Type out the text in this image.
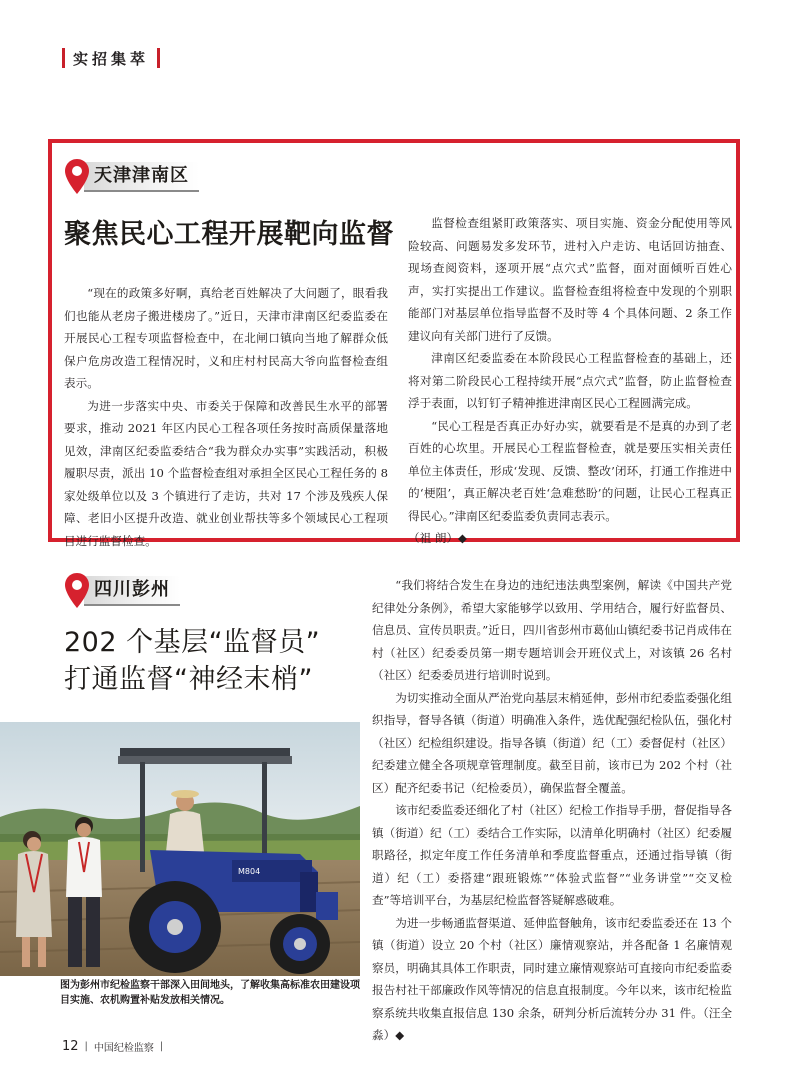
实招集萃
天津津南区
聚焦民心工程开展靶向监督

“现在的政策多好啊，真给老百姓解决了大问题了，眼看我们也能从老房子搬进楼房了。”近日，天津市津南区纪委监委在开展民心工程专项监督检查中，在北闸口镇向当地了解群众低保户危房改造工程情况时，义和庄村村民高大爷向监督检查组表示。

为进一步落实中央、市委关于保障和改善民生水平的部署要求，推动 2021 年区内民心工程各项任务按时高质保量落地见效，津南区纪委监委结合“我为群众办实事”实践活动，积极履职尽责，派出 10 个监督检查组对承担全区民心工程任务的 8 家处级单位以及 3 个镇进行了走访，共对 17 个涉及残疾人保障、老旧小区提升改造、就业创业帮扶等多个领域民心工程项目进行监督检查。

监督检查组紧盯政策落实、项目实施、资金分配使用等风险较高、问题易发多发环节，进村入户走访、电话回访抽查、现场查阅资料，逐项开展“点穴式”监督，面对面倾听百姓心声，实打实提出工作建议。监督检查组将检查中发现的个别职能部门对基层单位指导监督不及时等 4 个具体问题、2 条工作建议向有关部门进行了反馈。

津南区纪委监委在本阶段民心工程监督检查的基础上，还将对第二阶段民心工程持续开展“点穴式”监督，防止监督检查浮于表面，以钉钉子精神推进津南区民心工程圆满完成。

“民心工程是否真正办好办实，就要看是不是真的办到了老百姓的心坎里。开展民心工程监督检查，就是要压实相关责任单位主体责任，形成‘发现、反馈、整改’闭环，打通工作推进中的‘梗阻’，真正解决老百姓‘急难愁盼’的问题，让民心工程真正得民心。”津南区纪委监委负责同志表示。

（祖 朗）◆

四川彭州
202 个基层“监督员”
打通监督“神经末梢”

“我们将结合发生在身边的违纪违法典型案例，解读《中国共产党纪律处分条例》，希望大家能够学以致用、学用结合，履行好监督员、信息员、宣传员职责。”近日，四川省彭州市葛仙山镇纪委书记肖成伟在村（社区）纪委委员第一期专题培训会开班仪式上，对该镇 26 名村（社区）纪委委员进行培训时说到。

为切实推动全面从严治党向基层末梢延伸，彭州市纪委监委强化组织指导，督导各镇（街道）明确准入条件，选优配强纪检队伍，强化村（社区）纪检组织建设。指导各镇（街道）纪（工）委督促村（社区）纪委建立健全各项规章管理制度。截至目前，该市已为 202 个村（社区）配齐纪委书记（纪检委员），确保监督全覆盖。

该市纪委监委还细化了村（社区）纪检工作指导手册，督促指导各镇（街道）纪（工）委结合工作实际，以清单化明确村（社区）纪委履职路径，拟定年度工作任务清单和季度监督重点，还通过指导镇（街道）纪（工）委搭建“跟班锻炼”“体验式监督”“业务讲堂”“交叉检查”等培训平台，为基层纪检监督答疑解惑破难。

为进一步畅通监督渠道、延伸监督触角，该市纪委监委还在 13 个镇（街道）设立 20 个村（社区）廉情观察站，并各配备 1 名廉情观察员，明确其具体工作职责，同时建立廉情观察站可直接向市纪委监委报告村社干部廉政作风等情况的信息直报制度。今年以来，该市纪检监察系统共收集直报信息 130 余条，研判分析后流转分办 31 件。（汪全淼）◆

M804
图为彭州市纪检监察干部深入田间地头，了解收集高标准农田建设项目实施、农机购置补贴发放相关情况。
12 | 中国纪检监察 |
